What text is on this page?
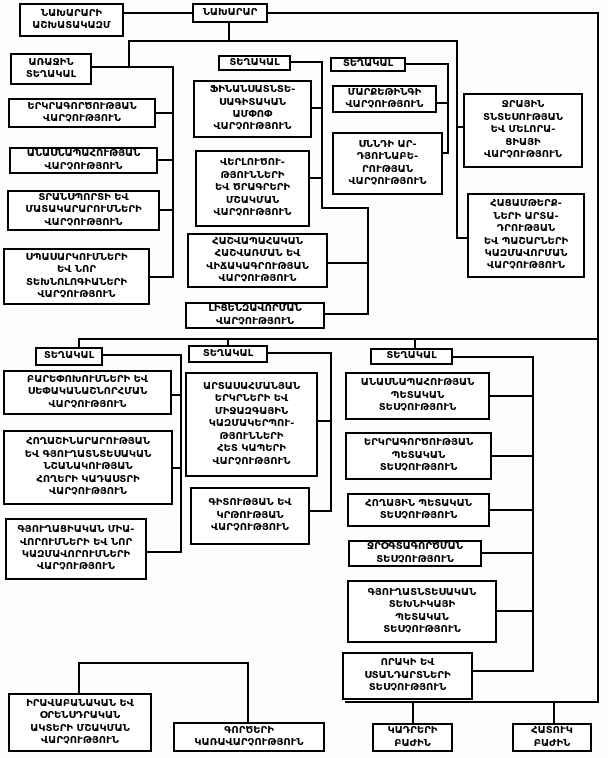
ՆԱԽԱՐԱՐԻ
ԱՇԽԱՏԱԿԱԶՄ
ՆԱԽԱՐԱՐ
ԱՌԱՋԻՆ
ՏԵՂԱԿԱԼ
ՏԵՂԱԿԱԼ	ՏԵՂԱԿԱԼ
ԵՐԿՐԱԳՈՐԾՈՒԹՅԱՆ
ՎԱՐՉՈՒԹՅՈՒՆ
ԱՆԱՍՆԱՊԱՀՈՒԹՅԱՆ
ՎԱՐՉՈՒԹՅՈՒՆ
ՏՐԱՆՍՊՈՐՏԻ ԵՎ
ՄԱՏԱԿԱՐԱՐՈՒՄՆԵՐԻ
ՎԱՐՉՈՒԹՅՈՒՆ
ՍՊԱՍԱՐԿՈՒՄՆԵՐԻ
ԵՎ ՆՈՐ
ՏԵԽՆՈԼՈԳԻԱՆԵՐԻ
ՎԱՐՉՈՒԹՅՈՒՆ
ՖԻՆԱՆՍԱՏՆՏԵ-
ՍԱԳԻՏԱԿԱՆ
ԱՄՓՈՓ
ՎԱՐՉՈՒԹՅՈՒՆ
ՎԵՐԼՈՒԾՈՒ-
ԹՅՈՒՆՆԵՐԻ
ԵՎ ԾՐԱԳՐԵՐԻ
ՄՇԱԿՄԱՆ
ՎԱՐՉՈՒԹՅՈՒՆ
ՀԱՇՎԱՊԱՀԱԿԱՆ
ՀԱՇՎԱՌՄԱՆ ԵՎ
ՎԻՃԱԿԱԳՐՈՒԹՅԱՆ
ՎԱՐՉՈՒԹՅՈՒՆ
ԼԻՑԵՆԶԱՎՈՐՄԱՆ
ՎԱՐՉՈՒԹՅՈՒՆ
ՄԱՐՔԵԹԻՆԳԻ
ՎԱՐՉՈՒԹՅՈՒՆ
ՍՆՆԴԻ ԱՐ-
ԴՅՈՒՆԱԲԵ-
ՐՈՒԹՅԱՆ
ՎԱՐՉՈՒԹՅՈՒՆ
ՋՐԱՅԻՆ
ՏՆՏԵՍՈՒԹՅԱՆ
ԵՎ ՄԵԼՈՐԱ-
ՑԻԱՅԻ
ՎԱՐՉՈՒԹՅՈՒՆ
ՀԱՑԱՄԹԵՐՔ-
ՆԵՐԻ ԱՐՏԱ-
ԴՐՈՒԹՅԱՆ
ԵՎ ՊԱՇԱՐՆԵՐԻ
ԿԱԶՄԱՎՈՐՄԱՆ
ՎԱՐՉՈՒԹՅՈՒՆ
ՏԵՂԱԿԱԼ	ՏԵՂԱԿԱԼ	ՏԵՂԱԿԱԼ
ԲԱՐԵՓՈԽՈՒՄՆԵՐԻ ԵՎ
ՍԵՓԱԿԱՆԱՇՆՈՐՀՄԱՆ
ՎԱՐՉՈՒԹՅՈՒՆ
ՀՈՂԱՇԻՆԱՐԱՐՈՒԹՅԱՆ
ԵՎ ԳՅՈՒՂԱՏՆՏԵՍԱԿԱՆ
ՆՇԱՆԱԿՈՒԹՅԱՆ
ՀՈՂԵՐԻ ԿԱԴԱՍՏՐԻ
ՎԱՐՉՈՒԹՅՈՒՆ
ԳՅՈՒՂԱՑԻԱԿԱՆ ՄԻԱ-
ՎՈՐՈՒՄՆԵՐԻ ԵՎ ՆՈՐ
ԿԱԶՄԱՎՈՐՈՒՄՆԵՐԻ
ՎԱՐՉՈՒԹՅՈՒՆ
ԱՐՏԱՍԱՀՄԱՆՅԱՆ
ԵՐԿՐՆԵՐԻ ԵՎ
ՄԻՋԱԶԳԱՅԻՆ
ԿԱԶՄԱԿԵՐՊՈՒ-
ԹՅՈՒՆՆԵՐԻ
ՀԵՏ ԿԱՊԵՐԻ
ՎԱՐՉՈՒԹՅՈՒՆ
ԳԻՏՈՒԹՅԱՆ ԵՎ
ԿՐԹՈՒԹՅԱՆ
ՎԱՐՉՈՒԹՅՈՒՆ
ԱՆԱՍՆԱՊԱՀՈՒԹՅԱՆ
ՊԵՏԱԿԱՆ
ՏԵՍՉՈՒԹՅՈՒՆ
ԵՐԿՐԱԳՈՐԾՈՒԹՅԱՆ
ՊԵՏԱԿԱՆ
ՏԵՍՉՈՒԹՅՈՒՆ
ՀՈՂԱՅԻՆ ՊԵՏԱԿԱՆ
ՏԵՍՉՈՒԹՅՈՒՆ
ՋՐՕԳՏԱԳՈՐԾՄԱՆ
ՏԵՍՉՈՒԹՅՈՒՆ
ԳՅՈՒՂԱՏՆՏԵՍԱԿԱՆ
ՏԵԽՆԻԿԱՅԻ
ՊԵՏԱԿԱՆ
ՏԵՍՉՈՒԹՅՈՒՆ
ՈՐԱԿԻ ԵՎ
ՍՏԱՆԴԱՐՏՆԵՐԻ
ՏԵՍՉՈՒԹՅՈՒՆ
ԻՐԱՎԱԲԱՆԱԿԱՆ ԵՎ
ՕՐԵՆՍԴՐԱԿԱՆ
ԱԿՏԵՐԻ ՄՇԱԿՄԱՆ
ՎԱՐՉՈՒԹՅՈՒՆ
ԳՈՐԾԵՐԻ
ԿԱՌԱՎԱՐՉՈՒԹՅՈՒՆ
ԿԱԴՐԵՐԻ
ԲԱԺԻՆ
ՀԱՏՈՒԿ
ԲԱԺԻՆ
